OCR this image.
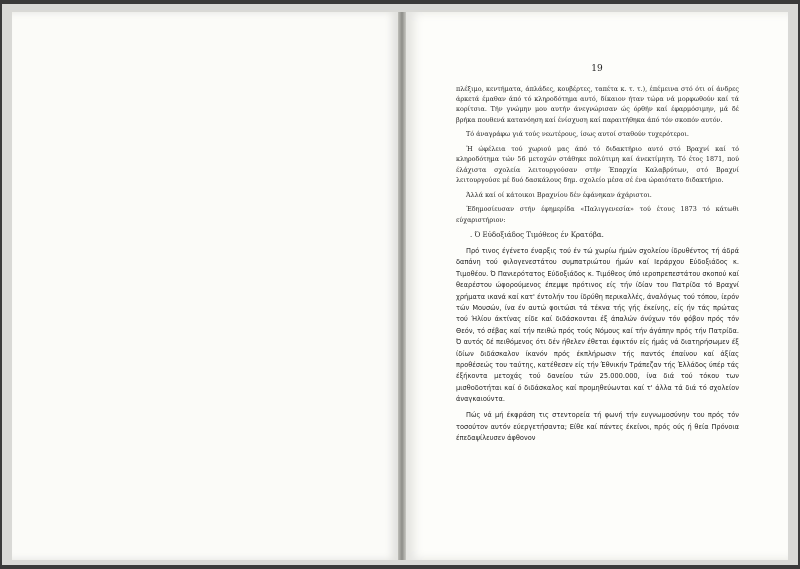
19

πλέξιμο, κεντήματα, άπλάδες, κουβέρτες, ταπέτα κ. τ. τ.), έπέμεινα στό ότι οί άνδρες άρκετά έμαθαν άπό τό κληροδότημα αυτό, δίκαιον ήταν τώρα νά μορφωθούν καί τά κορίτσια. Τήν γνώμην μου αυτήν άνεγνώρισαν ώς όρθήν καί έφαρμόσιμην, μά δέ βρήκα πουθενά κατανόηση καί ένίσχυση καί παραιτήθηκα άπό τόν σκοπόν αυτόν.

Τό άναγράφω γιά τούς νεωτέρους, ίσως αυτοί σταθούν τυχερότεροι.

Ή ώφέλεια τού χωριού μας άπό τό διδακτήριο αυτό στό Βραχνί καί τό κληροδότημα τών 56 μετοχών στάθηκε πολύτιμη καί άνεκτίμητη. Τό έτος 1871, πού έλάχιστα σχολεία λειτουργούσαν στήν Έπαρχία Καλαβρύτων, στό Βραχνί λειτουργούσε μέ δυό δασκάλους δημ. σχολείο μέσα σέ ένα ώραιότατο διδακτήριο.

Άλλά καί οί κάτοικοι Βραχνίου δέν έφάνηκαν άχάριστοι.

Έδημοσίευσαν στήν έφημερίδα «Παλιγγενεσία» τού έτους 1873 τό κάτωθι εύχαριστήριον:

. Ό Εύδοξιάδος Τιμόθεος έν Κρατόβα.

Πρό τινος έγένετο έναρξις τού έν τώ χωρίω ήμών σχολείου ίδρυθέντος τή άδρά δαπάνη τού φιλογενεστάτου συμπατριώτου ήμών καί Ιεράρχου Εύδοξιάδος κ. Τιμοθέου. Ό Πανιερότατος Εύδοξιάδος κ. Τιμόθεος ύπό ιεροπρεπεστάτου σκοπού καί θεαρέστου ώφορούμενος έπεμψε πρότινος είς τήν ίδίαν του Πατρίδα τό Βραχνί χρήματα ικανά καί κατ' έντολήν του ίδρύθη περικαλλές, άναλόγως τού τόπου, ίερόν τών Μουσών, ίνα έν αυτώ φοιτώσι τά τέκνα τής γής έκείνης, είς ήν τάς πρώτας τού Ήλίου άκτίνας είδε καί διδάσκονται έξ άπαλών όνύχων τόν φόβον πρός τόν Θεόν, τό σέβας καί τήν πειθώ πρός τούς Νόμους καί τήν άγάπην πρός τήν Πατρίδα. Ό αυτός δέ πειθόμενος ότι δέν ήθελεν έθεται έφικτόν είς ήμάς νά διατηρήσωμεν έξ ίδίων διδάσκαλον ίκανόν πρός έκπλήρωσιν τής παντός έπαίνου καί άξίας προθέσεώς του ταύτης, κατέθεσεν είς τήν Έθνικήν Τράπεζαν τής Έλλάδος ύπέρ τάς έξήκοντα μετοχάς τού δανείου τών 25.000.000, ίνα διά τού τόκου των μισθοδοτήται καί ό διδάσκαλος καί προμηθεύωνται καί τ' άλλα τά διά τό σχολείον άναγκαιούντα.

Πώς νά μή έκφράση τις στεντορεία τή φωνή τήν ευγνωμοσύνην του πρός τόν τοσούτον αυτόν εύεργετήσαντα; Είθε καί πάντες έκείνοι, πρός ούς ή θεία Πρόνοια έπεδαψίλευσεν άφθονον
